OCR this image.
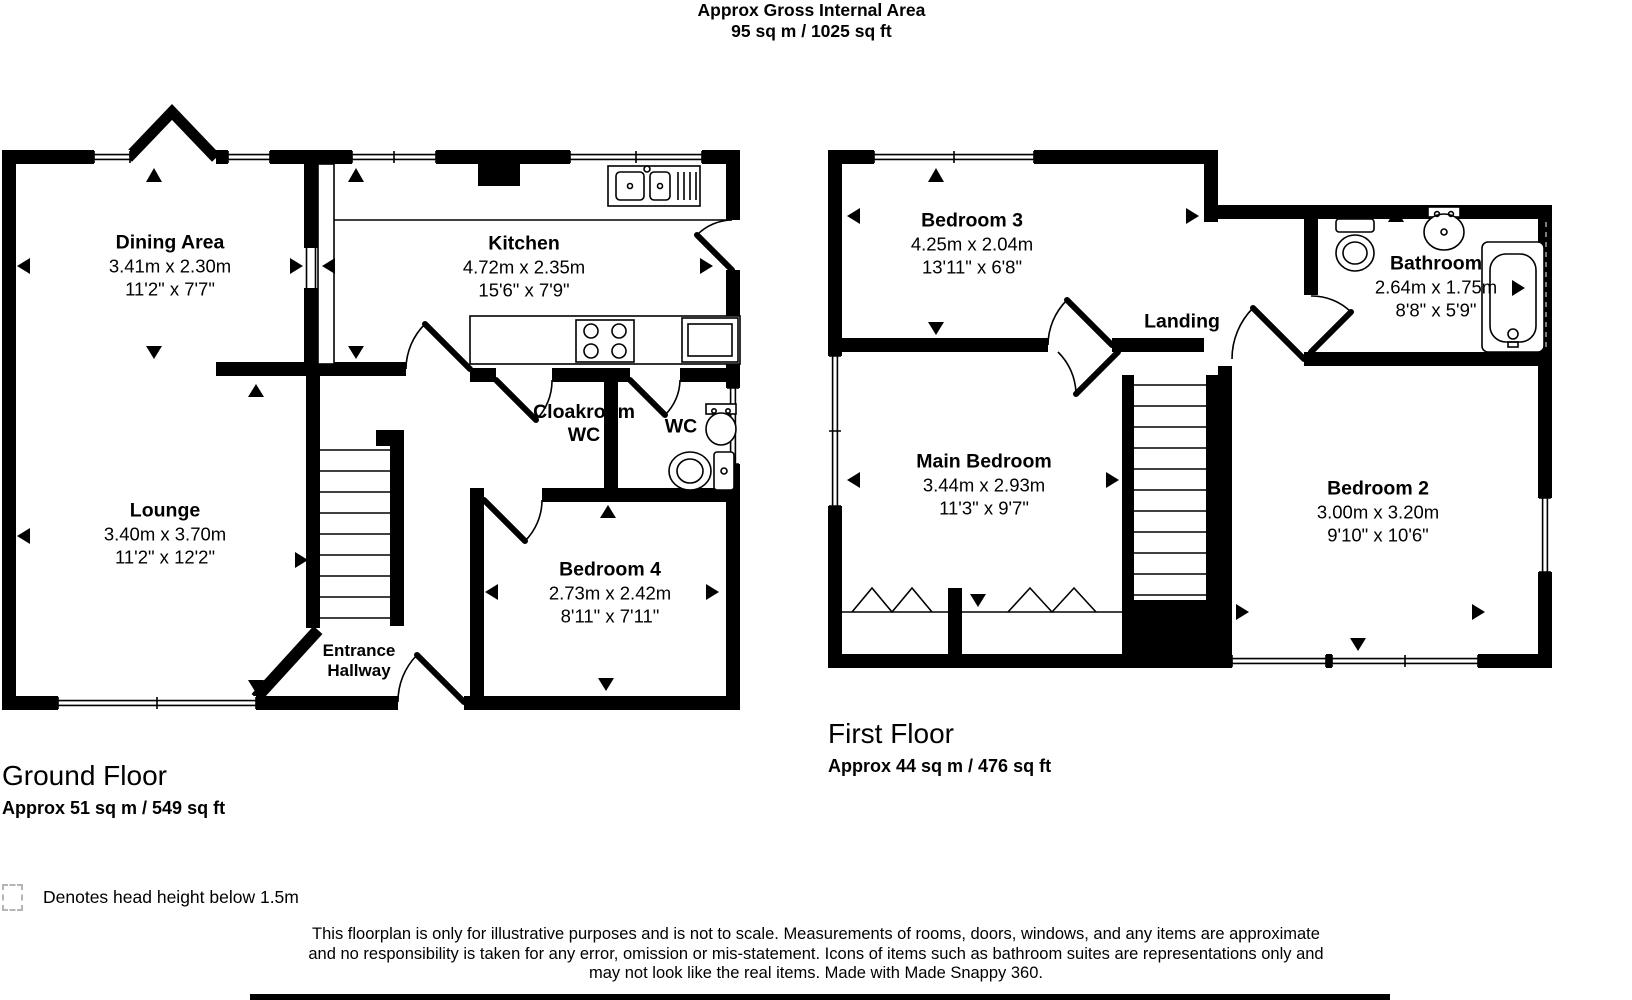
Approx Gross Internal Area
95 sq m / 1025 sq ft
Dining Area
3.41m x 2.30m
11'2" x 7'7"
Kitchen
4.72m x 2.35m
15'6" x 7'9"
Lounge
3.40m x 3.70m
11'2" x 12'2"
Cloakroom
WC	WC
Bedroom 4
2.73m x 2.42m
8'11" x 7'11"
Entrance
Hallway
Bedroom 3
4.25m x 2.04m
13'11" x 6'8"
Landing
Bathroom
2.64m x 1.75m
8'8" x 5'9"
Main Bedroom
3.44m x 2.93m
11'3" x 9'7"
Bedroom 2
3.00m x 3.20m
9'10" x 10'6"
Ground Floor
Approx 51 sq m / 549 sq ft
First Floor
Approx 44 sq m / 476 sq ft
Denotes head height below 1.5m
This floorplan is only for illustrative purposes and is not to scale. Measurements of rooms, doors, windows, and any items are approximate
and no responsibility is taken for any error, omission or mis-statement. Icons of items such as bathroom suites are representations only and
may not look like the real items. Made with Made Snappy 360.
